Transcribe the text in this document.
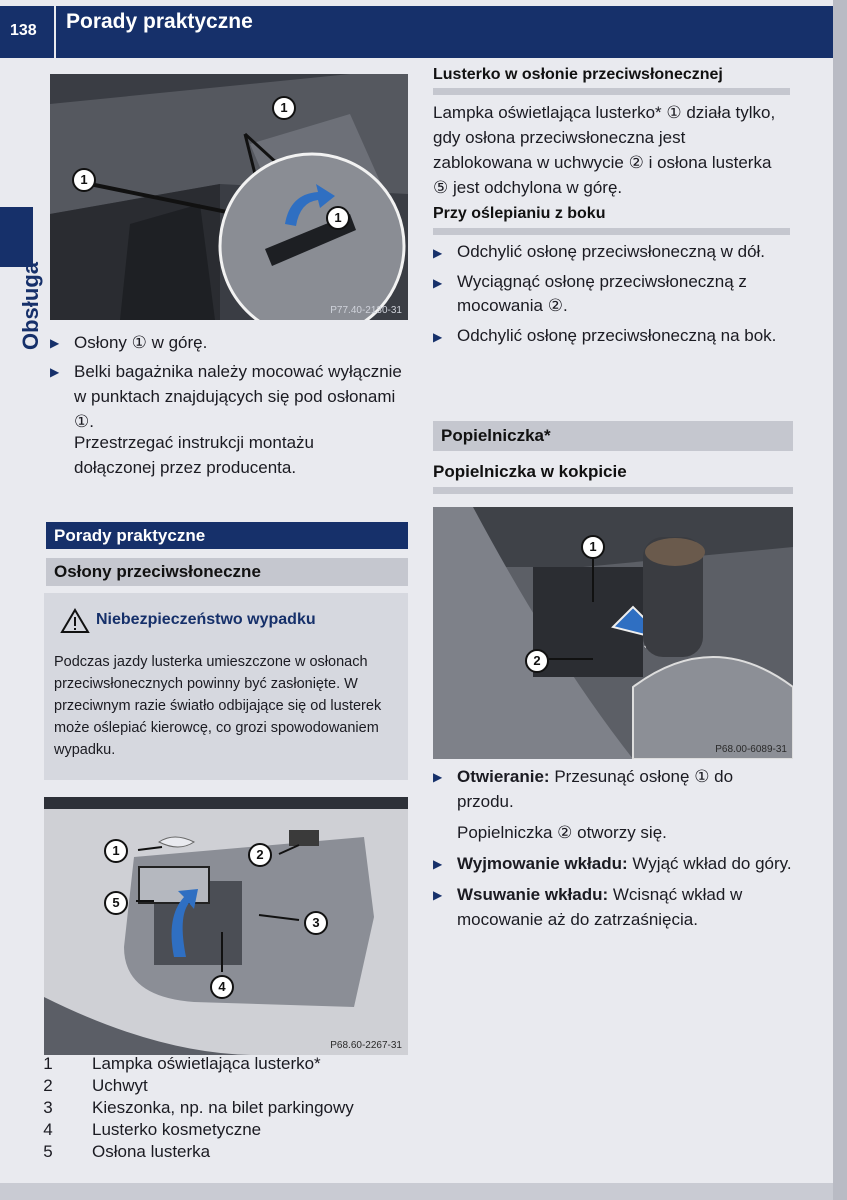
138 Porady praktyczne
Obsługa
1
1
1
P77.40-2130-31
▶ Osłony ① w górę.
▶ Belki bagażnika należy mocować wyłącznie w punktach znajdujących się pod osłonami ①.
Przestrzegać instrukcji montażu dołączonej przez producenta.
Porady praktyczne
Osłony przeciwsłoneczne
Niebezpieczeństwo wypadku
Podczas jazdy lusterka umieszczone w osłonach przeciwsłonecznych powinny być zasłonięte. W przeciwnym razie światło odbijające się od lusterek może oślepiać kierowcę, co grozi spowodowaniem wypadku.
1	2
3
4
5
P68.60-2267-31
1	Lampka oświetlająca lusterko*
2	Uchwyt
3	Kieszonka, np. na bilet parkingowy
4	Lusterko kosmetyczne
5	Osłona lusterka
Lusterko w osłonie przeciwsłonecznej
Lampka oświetlająca lusterko* ① działa tylko, gdy osłona przeciwsłoneczna jest zablokowana w uchwycie ② i osłona lusterka ⑤ jest odchylona w górę.
Przy oślepianiu z boku
▶ Odchylić osłonę przeciwsłoneczną w dół.
▶ Wyciągnąć osłonę przeciwsłoneczną z mocowania ②.
▶ Odchylić osłonę przeciwsłoneczną na bok.
Popielniczka*
Popielniczka w kokpicie
1
2
P68.00-6089-31
▶ Otwieranie: Przesunąć osłonę ① do przodu.
Popielniczka ② otworzy się.
▶ Wyjmowanie wkładu: Wyjąć wkład do góry.
▶ Wsuwanie wkładu: Wcisnąć wkład w mocowanie aż do zatrzaśnięcia.
